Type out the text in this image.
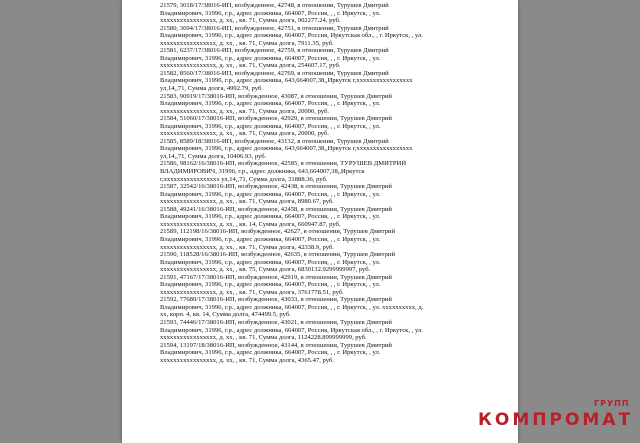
21579, 3018/17/38016-ИП, возбужденное, 42748, в отношении, Турушев Дмитрий
Владимирович, 31996, г.р., адрес должника, 664007, Россия, , , г. Иркутск, , ул.
xxxxxxxxxxxxxxxxx, д. xx, , кв. 71, Сумма долга, 902277.24, руб.
21580, 3694/17/38016-ИП, возбужденное, 42751, в отношении, Турушев Дмитрий
Владимирович, 31996, г.р., адрес должника, 664007, Россия, Иркутская обл., , г. Иркутск, , ул.
xxxxxxxxxxxxxxxxx, д. xx, , кв. 71, Сумма долга, 7911.35, руб.
21581, 6237/17/38016-ИП, возбужденное, 42759, в отношении, Турушев Дмитрий
Владимирович, 31996, г.р., адрес должника, 664007, Россия, , , г. Иркутск, , ул.
xxxxxxxxxxxxxxxxx, д. xx, , кв. 71, Сумма долга, 254607.17, руб.
21582, 8560/17/38016-ИП, возбужденное, 42769, в отношении, Турушев Дмитрий
Владимирович, 31996, г.р., адрес должника, 643,664007,38,,Иркутск г,xxxxxxxxxxxxxxxxx
ул,14,,71, Сумма долга, 4992.79, руб.
21583, 90919/17/38016-ИП, возбужденное, 43087, в отношении, Турушев Дмитрий
Владимирович, 31996, г.р., адрес должника, 664007, Россия, , , г. Иркутск, , ул.
xxxxxxxxxxxxxxxxx, д. xx, , кв. 71, Сумма долга, 20000, руб.
21584, 51060/17/38016-ИП, возбужденное, 42929, в отношении, Турушев Дмитрий
Владимирович, 31996, г.р., адрес должника, 664007, Россия, , , г. Иркутск, , ул.
xxxxxxxxxxxxxxxxx, д. xx, , кв. 71, Сумма долга, 20000, руб.
21585, 8589/18/38016-ИП, возбужденное, 43132, в отношении, Турушев Дмитрий
Владимирович, 31996, г.р., адрес должника, 643,664007,38,,Иркутск г,xxxxxxxxxxxxxxxxx
ул,14,,71, Сумма долга, 10406.93, руб.
21586, 98162/16/38016-ИП, возбужденное, 42585, в отношении, ТУРУШЕВ ДМИТРИЙ
ВЛАДИМИРОВИЧ, 31996, г.р., адрес должника, 643,664007,38,,Иркутск
г,xxxxxxxxxxxxxxxxx ул,14,,71, Сумма долга, 31888.36, руб.
21587, 32542/16/38016-ИП, возбужденное, 42438, в отношении, Турушев Дмитрий
Владимирович, 31996, г.р., адрес должника, 664007, Россия, , , г. Иркутск, , ул.
xxxxxxxxxxxxxxxxx, д. xx, , кв. 71, Сумма долга, 8980.67, руб.
21588, 49241/16/38016-ИП, возбужденное, 42458, в отношении, Турушев Дмитрий
Владимирович, 31996, г.р., адрес должника, 664007, Россия, , , г. Иркутск, , ул.
xxxxxxxxxxxxxxxxx, д. xx, , кв. 14, Сумма долга, 660947.87, руб.
21589, 112198/16/38016-ИП, возбужденное, 42627, в отношении, Турушев Дмитрий
Владимирович, 31996, г.р., адрес должника, 664007, Россия, , , г. Иркутск, , ул.
xxxxxxxxxxxxxxxxx, д. xx, , кв. 71, Сумма долга, 42338.9, руб.
21590, 118528/16/38016-ИП, возбужденное, 42635, в отношении, Турушев Дмитрий
Владимирович, 31996, г.р., адрес должника, 664007, Россия, , , г. Иркутск, , ул.
xxxxxxxxxxxxxxxxx, д. xx, , кв. 75, Сумма долга, 6830132.9299999997, руб.
21591, 47167/17/38016-ИП, возбужденное, 42919, в отношении, Турушев Дмитрий
Владимирович, 31996, г.р., адрес должника, 664007, Россия, , , г. Иркутск, , ул.
xxxxxxxxxxxxxxxxx, д. xx, , кв. 71, Сумма долга, 3761778.51, руб.
21592, 77680/17/38016-ИП, возбужденное, 43033, в отношении, Турушев Дмитрий
Владимирович, 31996, г.р., адрес должника, 664007, Россия, , , г. Иркутск, , ул. xxxxxxxxxx, д.
xx, корп. 4, кв. 14, Сумма долга, 474499.5, руб.
21593, 74446/17/38016-ИП, возбужденное, 43021, в отношении, Турушев Дмитрий
Владимирович, 31996, г.р., адрес должника, 664007, Россия, Иркутская обл., , г. Иркутск, , ул.
xxxxxxxxxxxxxxxxx, д. xx, , кв. 71, Сумма долга, 1124228.899999999, руб.
21594, 13197/18/38016-ИП, возбужденное, 43144, в отношении, Турушев Дмитрий
Владимирович, 31996, г.р., адрес должника, 664007, Россия, , , г. Иркутск, , ул.
xxxxxxxxxxxxxxxxx, д. xx, , кв. 71, Сумма долга, 4365.47, руб.
КОМПРОМАТ
ГРУПП
